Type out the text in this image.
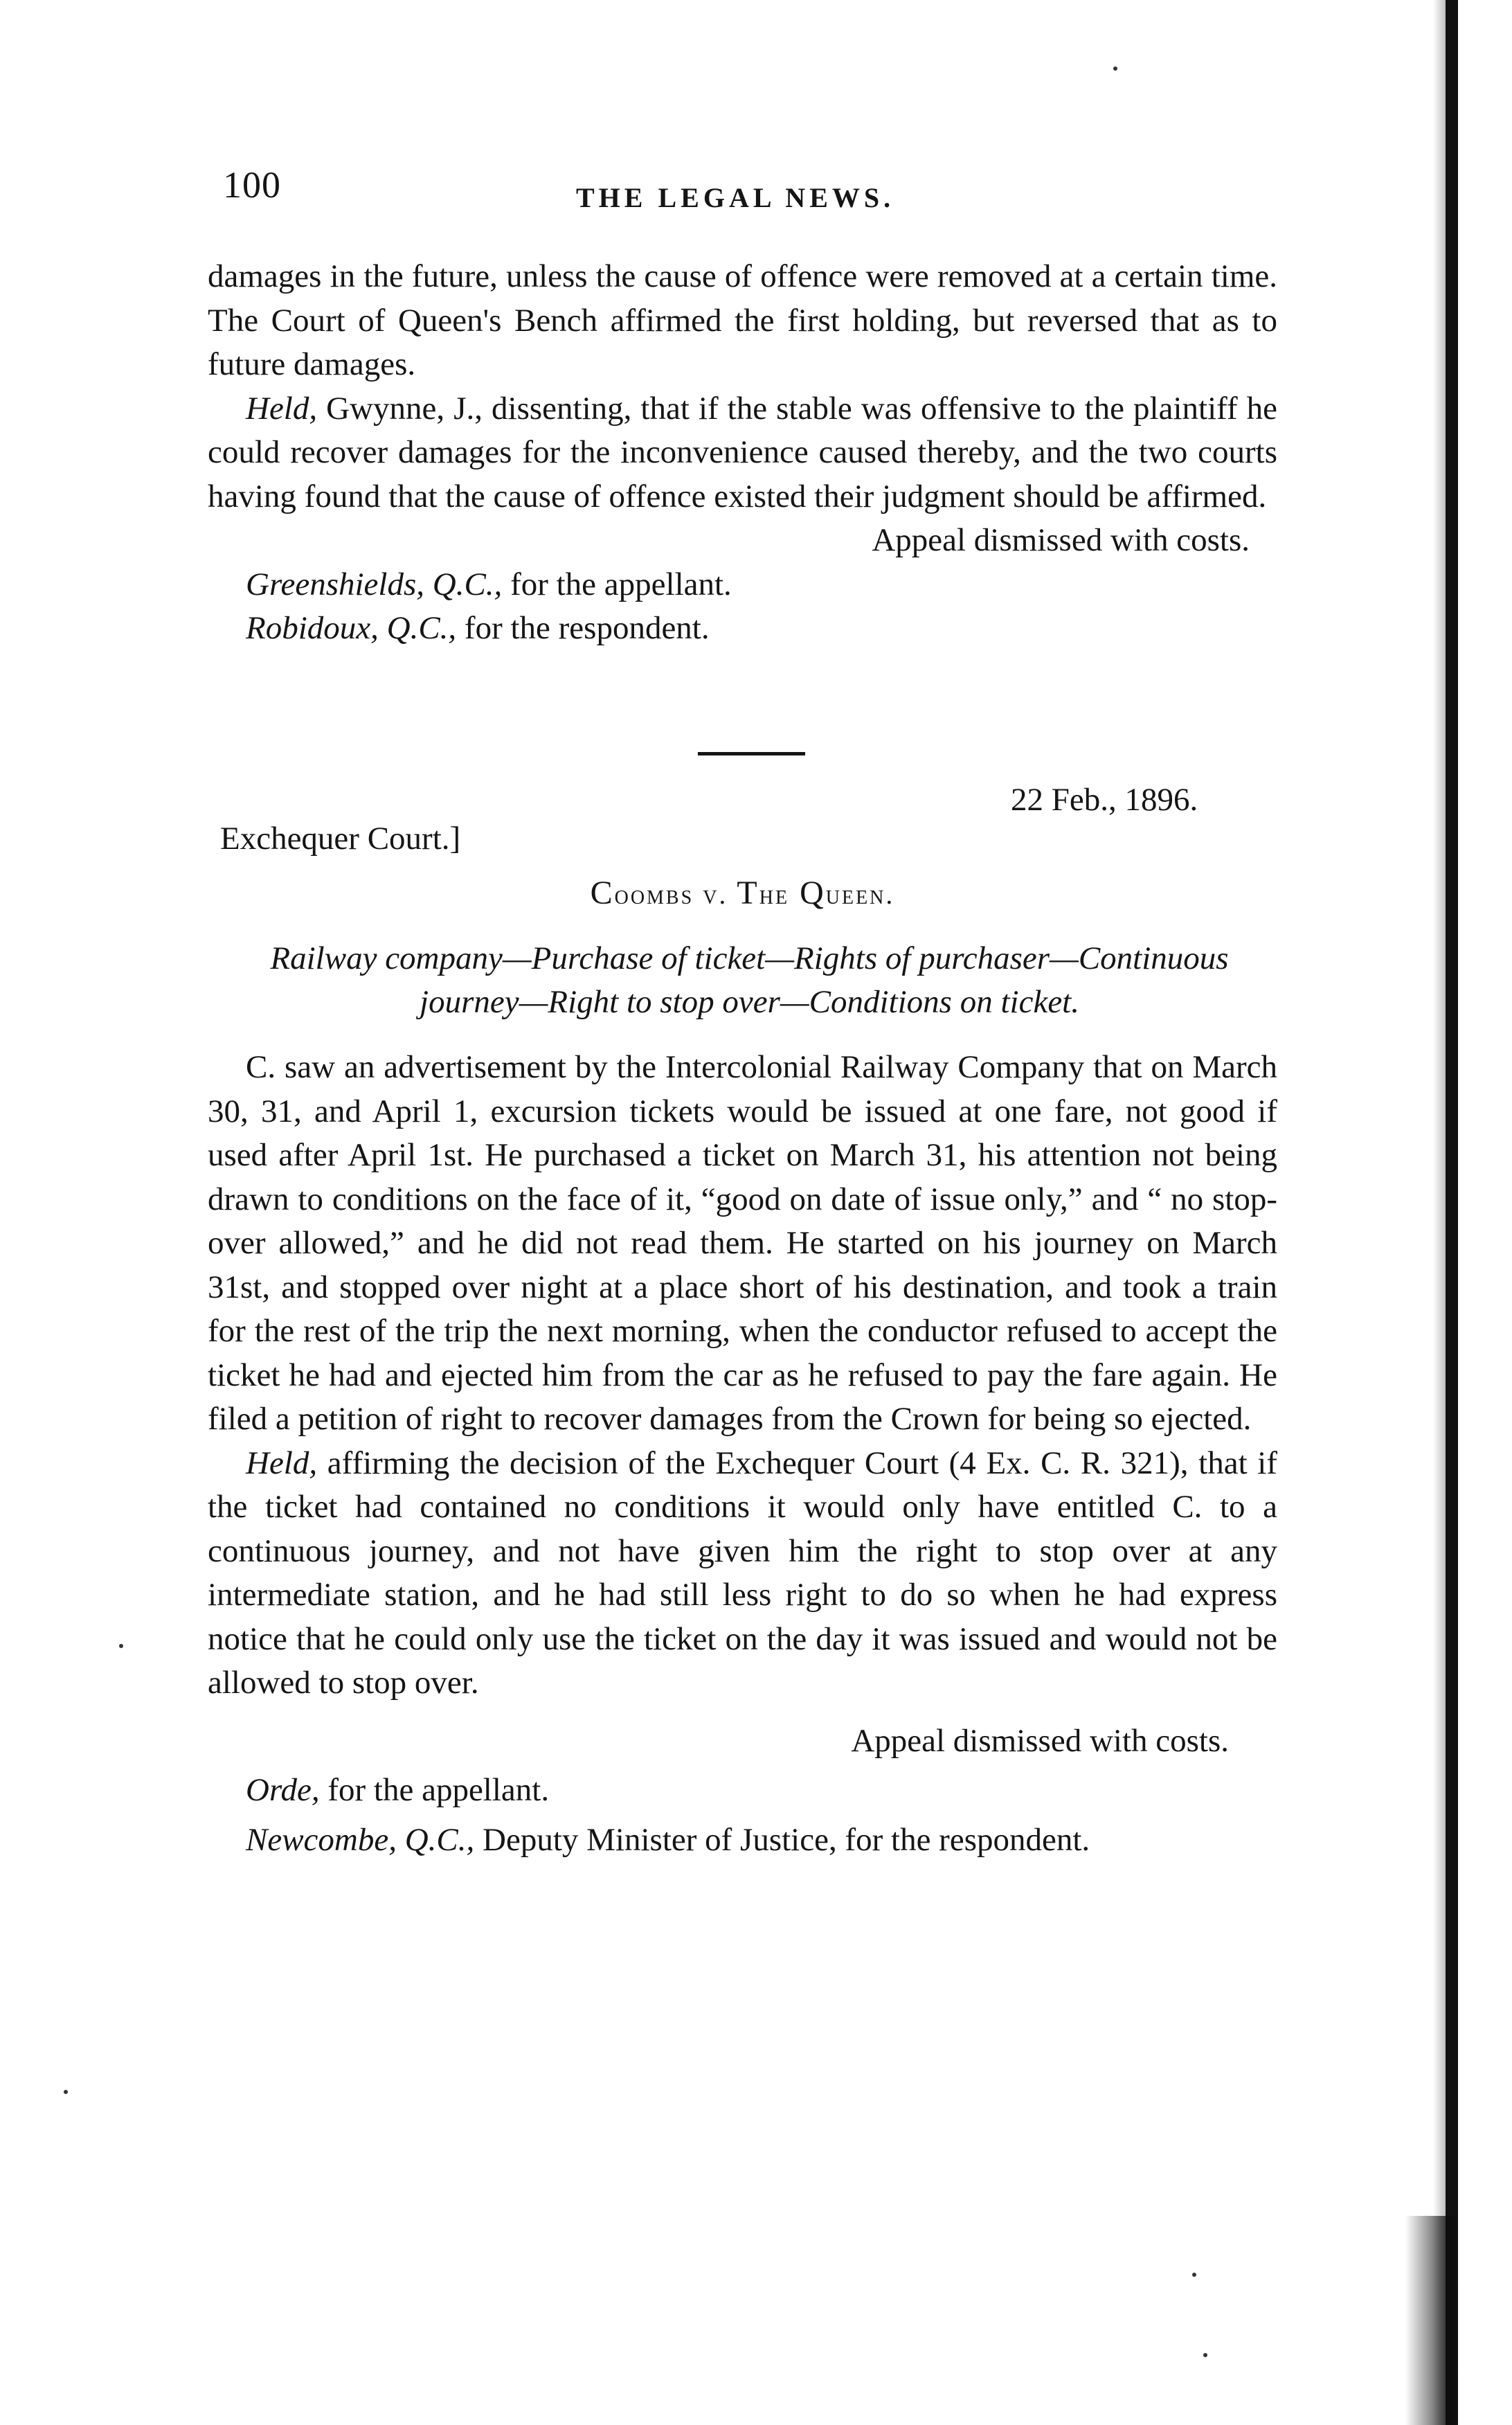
100	THE LEGAL NEWS.

damages in the future, unless the cause of offence were removed at a certain time. The Court of Queen's Bench affirmed the first holding, but reversed that as to future damages.

Held, Gwynne, J., dissenting, that if the stable was offensive to the plaintiff he could recover damages for the inconvenience caused thereby, and the two courts having found that the cause of offence existed their judgment should be affirmed.

Appeal dismissed with costs.

Greenshields, Q.C., for the appellant.

Robidoux, Q.C., for the respondent.

22 Feb., 1896.
Exchequer Court.]
Coombs v. The Queen.
Railway company—Purchase of ticket—Rights of purchaser—Continuous journey—Right to stop over—Conditions on ticket.

C. saw an advertisement by the Intercolonial Railway Company that on March 30, 31, and April 1, excursion tickets would be issued at one fare, not good if used after April 1st. He purchased a ticket on March 31, his attention not being drawn to conditions on the face of it, “good on date of issue only,” and “ no stop-over allowed,” and he did not read them. He started on his journey on March 31st, and stopped over night at a place short of his destination, and took a train for the rest of the trip the next morning, when the conductor refused to accept the ticket he had and ejected him from the car as he refused to pay the fare again. He filed a petition of right to recover damages from the Crown for being so ejected.

Held, affirming the decision of the Exchequer Court (4 Ex. C. R. 321), that if the ticket had contained no conditions it would only have entitled C. to a continuous journey, and not have given him the right to stop over at any intermediate station, and he had still less right to do so when he had express notice that he could only use the ticket on the day it was issued and would not be allowed to stop over.

Appeal dismissed with costs.

Orde, for the appellant.

Newcombe, Q.C., Deputy Minister of Justice, for the respondent.
